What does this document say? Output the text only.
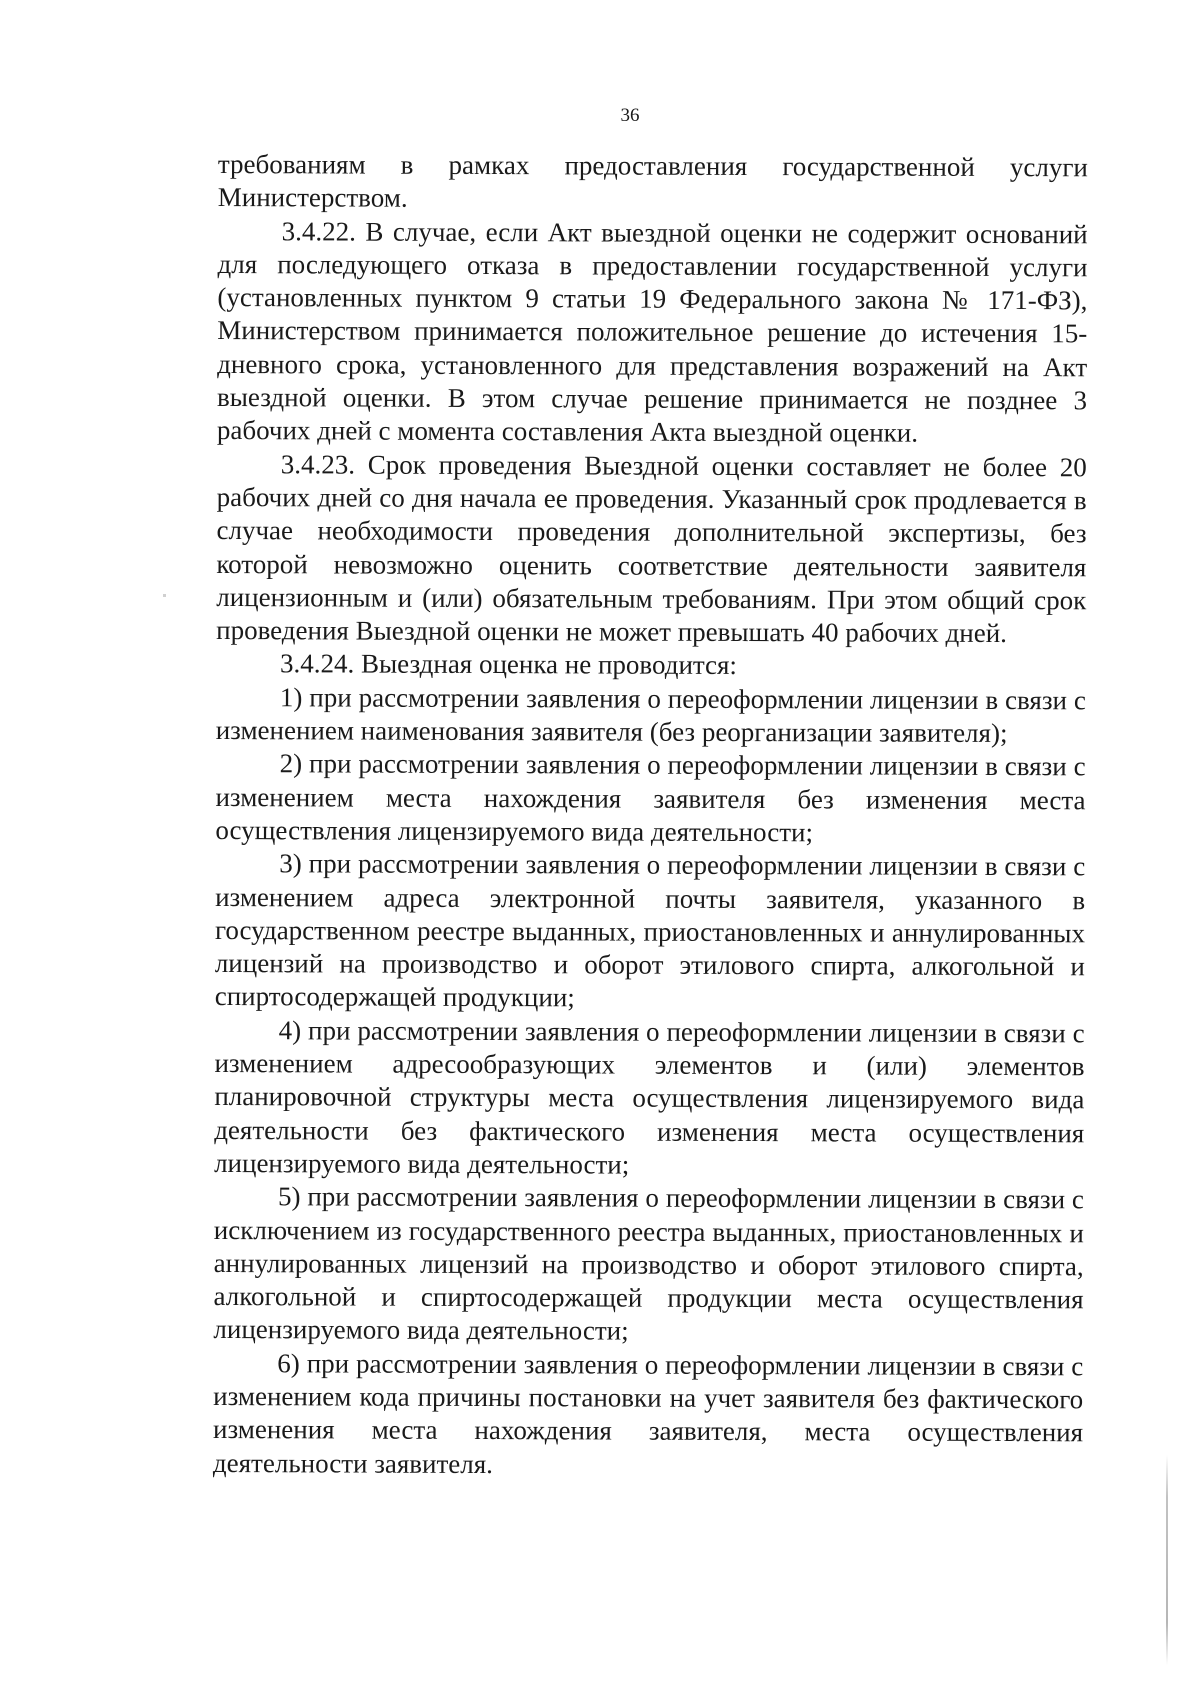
36

требованиям в рамках предоставления государственной услуги Министерством.

3.4.22. В случае, если Акт выездной оценки не содержит оснований для последующего отказа в предоставлении государственной услуги (установленных пунктом 9 статьи 19 Федерального закона № 171-ФЗ), Министерством принимается положительное решение до истечения 15-дневного срока, установленного для представления возражений на Акт выездной оценки. В этом случае решение принимается не позднее 3 рабочих дней с момента составления Акта выездной оценки.

3.4.23. Срок проведения Выездной оценки составляет не более 20 рабочих дней со дня начала ее проведения. Указанный срок продлевается в случае необходимости проведения дополнительной экспертизы, без которой невозможно оценить соответствие деятельности заявителя лицензионным и (или) обязательным требованиям. При этом общий срок проведения Выездной оценки не может превышать 40 рабочих дней.

3.4.24. Выездная оценка не проводится:

1) при рассмотрении заявления о переоформлении лицензии в связи с изменением наименования заявителя (без реорганизации заявителя);

2) при рассмотрении заявления о переоформлении лицензии в связи с изменением места нахождения заявителя без изменения места осуществления лицензируемого вида деятельности;

3) при рассмотрении заявления о переоформлении лицензии в связи с изменением адреса электронной почты заявителя, указанного в государственном реестре выданных, приостановленных и аннулированных лицензий на производство и оборот этилового спирта, алкогольной и спиртосодержащей продукции;

4) при рассмотрении заявления о переоформлении лицензии в связи с изменением адресообразующих элементов и (или) элементов планировочной структуры места осуществления лицензируемого вида деятельности без фактического изменения места осуществления лицензируемого вида деятельности;

5) при рассмотрении заявления о переоформлении лицензии в связи с исключением из государственного реестра выданных, приостановленных и аннулированных лицензий на производство и оборот этилового спирта, алкогольной и спиртосодержащей продукции места осуществления лицензируемого вида деятельности;

6) при рассмотрении заявления о переоформлении лицензии в связи с изменением кода причины постановки на учет заявителя без фактического изменения места нахождения заявителя, места осуществления деятельности заявителя.
